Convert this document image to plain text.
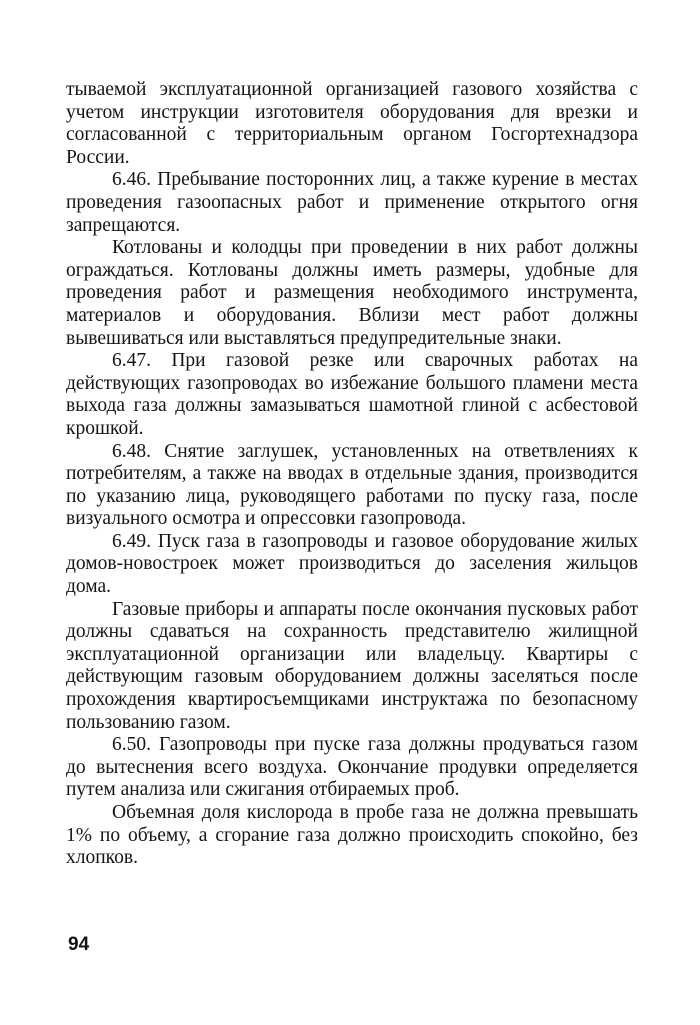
тываемой эксплуатационной организацией газового хозяйства с учетом инструкции изготовителя оборудования для врезки и согласованной с территориальным органом Госгортехнадзора России.

6.46. Пребывание посторонних лиц, а также курение в местах проведения газоопасных работ и применение открытого огня запрещаются.

Котлованы и колодцы при проведении в них работ должны ограждаться. Котлованы должны иметь размеры, удобные для проведения работ и размещения необходимого инструмента, материалов и оборудования. Вблизи мест работ должны вывешиваться или выставляться предупредительные знаки.

6.47. При газовой резке или сварочных работах на действующих газопроводах во избежание большого пламени места выхода газа должны замазываться шамотной глиной с асбестовой крошкой.

6.48. Снятие заглушек, установленных на ответвлениях к потребителям, а также на вводах в отдельные здания, производится по указанию лица, руководящего работами по пуску газа, после визуального осмотра и опрессовки газопровода.

6.49. Пуск газа в газопроводы и газовое оборудование жилых домов-новостроек может производиться до заселения жильцов дома.

Газовые приборы и аппараты после окончания пусковых работ должны сдаваться на сохранность представителю жилищной эксплуатационной организации или владельцу. Квартиры с действующим газовым оборудованием должны заселяться после прохождения квартиросъемщиками инструктажа по безопасному пользованию газом.

6.50. Газопроводы при пуске газа должны продуваться газом до вытеснения всего воздуха. Окончание продувки определяется путем анализа или сжигания отбираемых проб.

Объемная доля кислорода в пробе газа не должна превышать 1% по объему, а сгорание газа должно происходить спокойно, без хлопков.

94
